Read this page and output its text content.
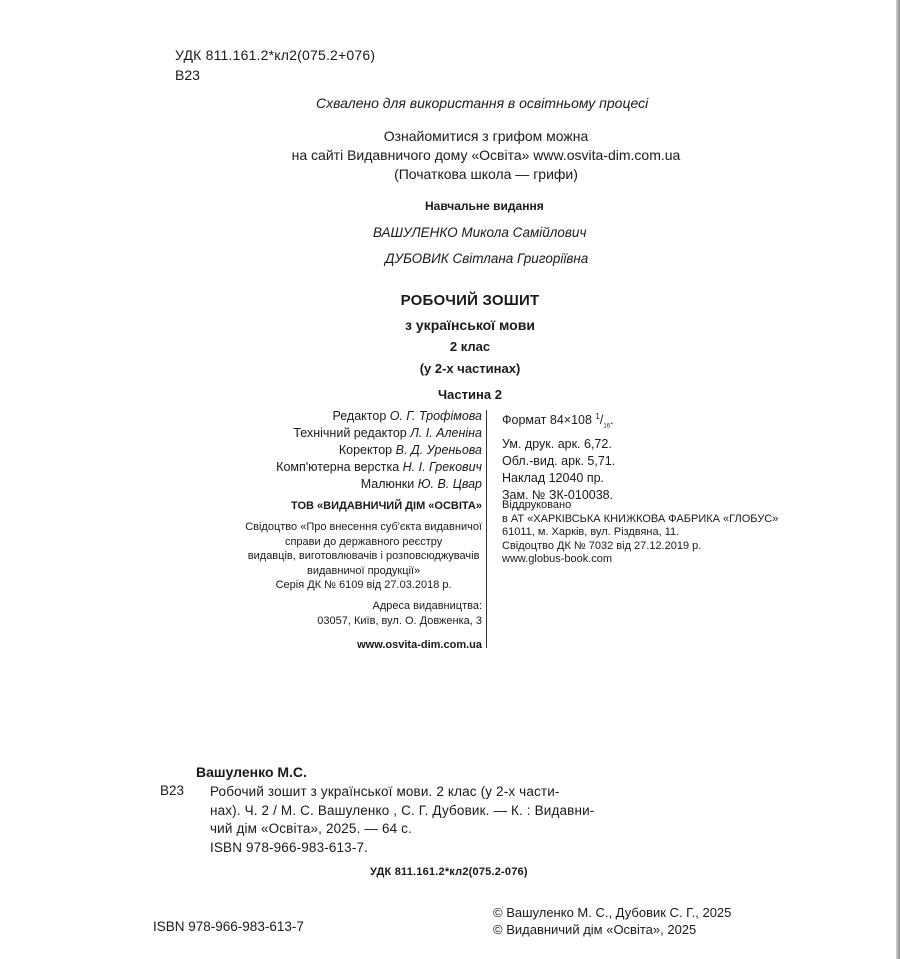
УДК 811.161.2*кл2(075.2+076)
В23
Схвалено для використання в освітньому процесі
Ознайомитися з грифом можна
на сайті Видавничого дому «Освіта» www.osvita-dim.com.ua
(Початкова школа — грифи)
Навчальне видання
ВАШУЛЕНКО Микола Самійлович
ДУБОВИК Світлана Григоріївна
РОБОЧИЙ ЗОШИТ
з української мови
2 клас
(у 2-х частинах)
Частина 2
Редактор О. Г. Трофімова
Технічний редактор Л. І. Аленіна
Коректор В. Д. Уреньова
Комп'ютерна верстка Н. І. Грекович
Малюнки Ю. В. Цвар
Формат 84×108 $^1/_{16}$.
Ум. друк. арк. 6,72.
Обл.-вид. арк. 5,71.
Наклад 12040 пр.
Зам. № ЗК-010038.
ТОВ «ВИДАВНИЧИЙ ДІМ «ОСВІТА»
Свідоцтво «Про внесення суб'єкта видавничої
справи до державного реєстру
видавців, виготовлювачів і розповсюджувачів
видавничої продукції»
Серія ДК № 6109 від 27.03.2018 р.
Адреса видавництва:
03057, Київ, вул. О. Довженка, 3
www.osvita-dim.com.ua
Віддруковано
в АТ «ХАРКІВСЬКА КНИЖКОВА ФАБРИКА «ГЛОБУС»
61011, м. Харків, вул. Різдвяна, 11.
Свідоцтво ДК № 7032 від 27.12.2019 р.
www.globus-book.com
Вашуленко М.С.
В23 Робочий зошит з української мови. 2 клас (у 2-х части-
нах). Ч. 2 / М. С. Вашуленко , С. Г. Дубовик. — К. : Видавни-
чий дім «Освіта», 2025. — 64 с.
ISBN 978-966-983-613-7.
УДК 811.161.2*кл2(075.2-076)
ISBN 978-966-983-613-7
© Вашуленко М. С., Дубовик С. Г., 2025
© Видавничий дім «Освіта», 2025
